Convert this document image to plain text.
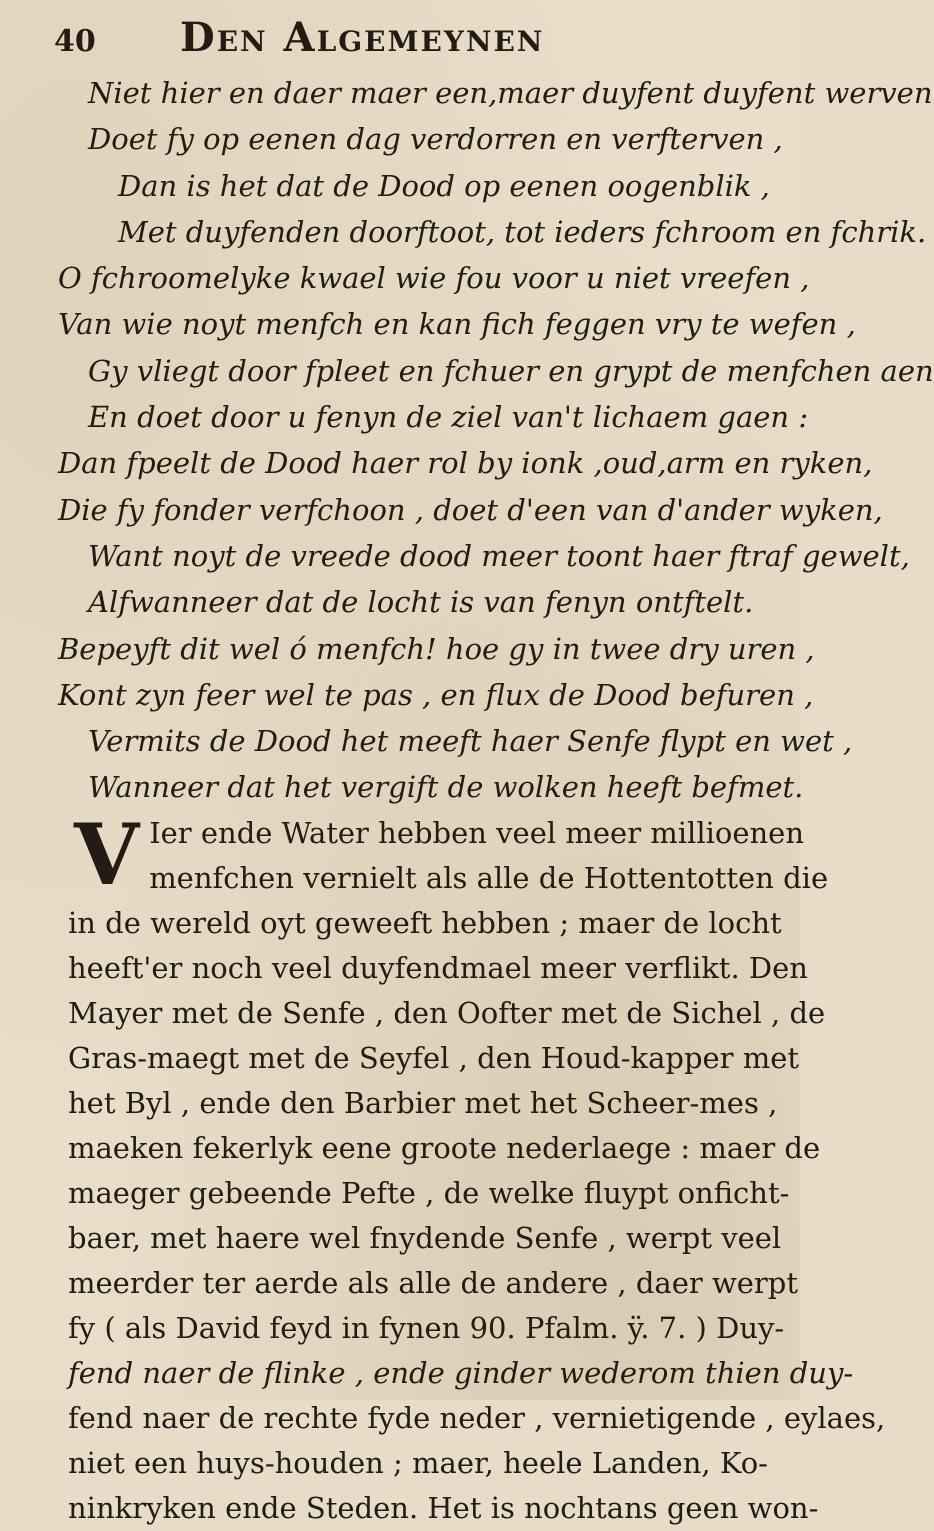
40	Den Algemeynen
Niet hier en daer maer een,maer duyfent duyfent werven
Doet fy op eenen dag verdorren en verfterven ,
Dan is het dat de Dood op eenen oogenblik ,
Met duyfenden doorftoot, tot ieders fchroom en fchrik.
O fchroomelyke kwael wie fou voor u niet vreefen ,
Van wie noyt menfch en kan fich feggen vry te wefen ,
Gy vliegt door fpleet en fchuer en grypt de menfchen aen
En doet door u fenyn de ziel van't lichaem gaen :
Dan fpeelt de Dood haer rol by ionk ,oud,arm en ryken,
Die fy fonder verfchoon , doet d'een van d'ander wyken,
Want noyt de vreede dood meer toont haer ftraf gewelt,
Alfwanneer dat de locht is van fenyn ontftelt.
Bepeyft dit wel ó menfch! hoe gy in twee dry uren ,
Kont zyn feer wel te pas , en flux de Dood befuren ,
Vermits de Dood het meeft haer Senfe flypt en wet ,
Wanneer dat het vergift de wolken heeft befmet.
V Ier ende Water hebben veel meer millioenen
menfchen vernielt als alle de Hottentotten die
in de wereld oyt geweeft hebben ; maer de locht
heeft'er noch veel duyfendmael meer verflikt. Den
Mayer met de Senfe , den Oofter met de Sichel , de
Gras-maegt met de Seyfel , den Houd-kapper met
het Byl , ende den Barbier met het Scheer-mes ,
maeken fekerlyk eene groote nederlaege : maer de
maeger gebeende Pefte , de welke fluypt onficht-
baer, met haere wel fnydende Senfe , werpt veel
meerder ter aerde als alle de andere , daer werpt
fy ( als David feyd in fynen 90. Pfalm. ÿ. 7. ) Duy-
fend naer de flinke , ende ginder wederom thien duy-
fend naer de rechte fyde neder , vernietigende , eylaes,
niet een huys-houden ; maer, heele Landen, Ko-
ninkryken ende Steden. Het is nochtans geen won-
